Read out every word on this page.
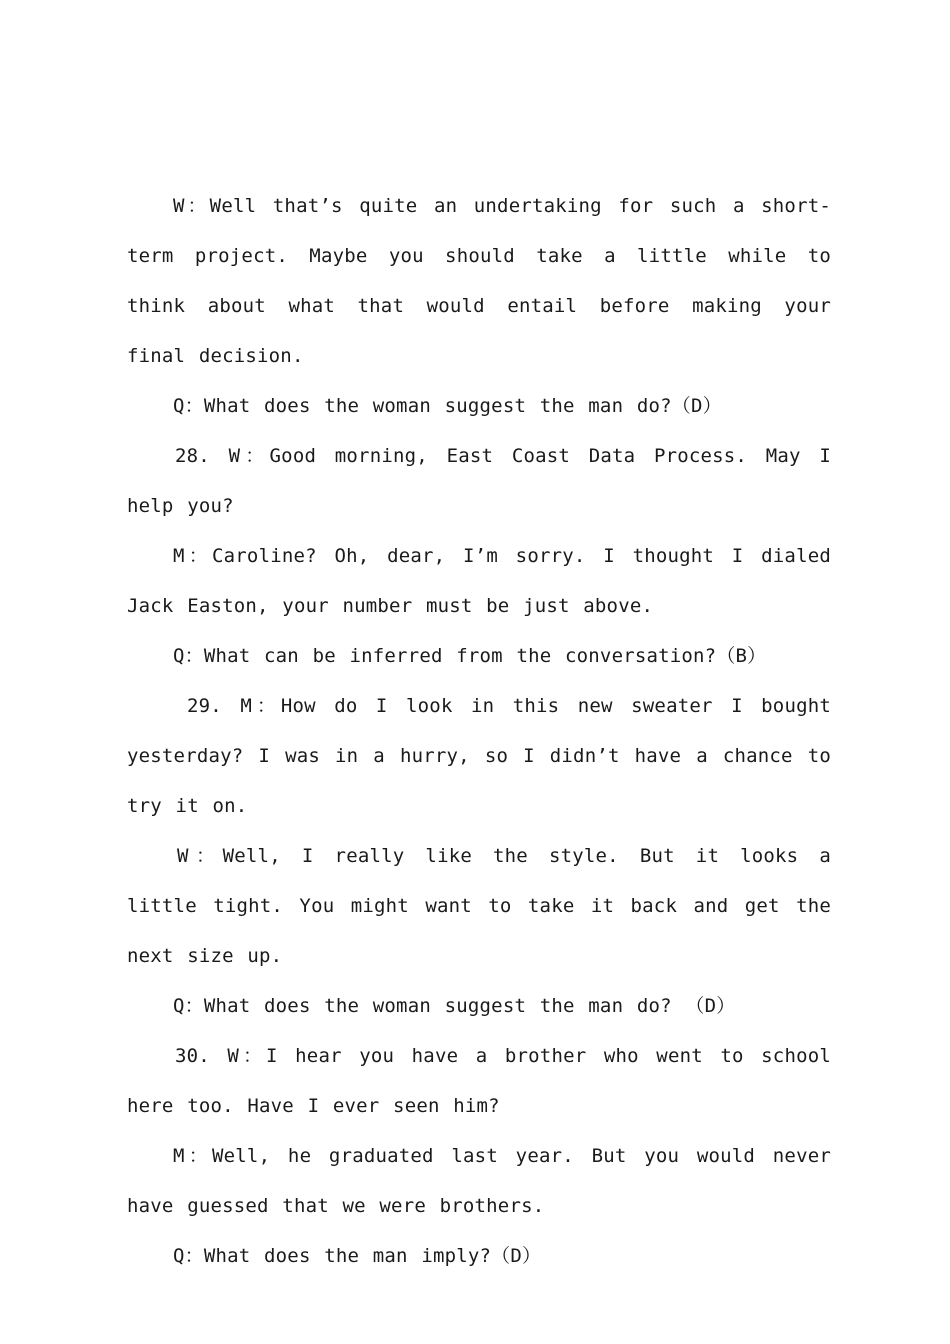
W：Well that’s quite an undertaking for such a short-term project. Maybe you should take a little while to think about what that would entail before making your final decision.

Q：What does the woman suggest the man do?（D）

28. W：Good morning, East Coast Data Process. May I help you?

M：Caroline? Oh, dear, I’m sorry. I thought I dialed Jack Easton, your number must be just above.

Q：What can be inferred from the conversation?（B）

29. M：How do I look in this new sweater I bought yesterday? I was in a hurry, so I didn’t have a chance to try it on.

W：Well, I really like the style. But it looks a little tight. You might want to take it back and get the next size up.

Q：What does the woman suggest the man do? （D）

30. W：I hear you have a brother who went to school here too. Have I ever seen him?

M：Well, he graduated last year. But you would never have guessed that we were brothers.

Q：What does the man imply?（D）
